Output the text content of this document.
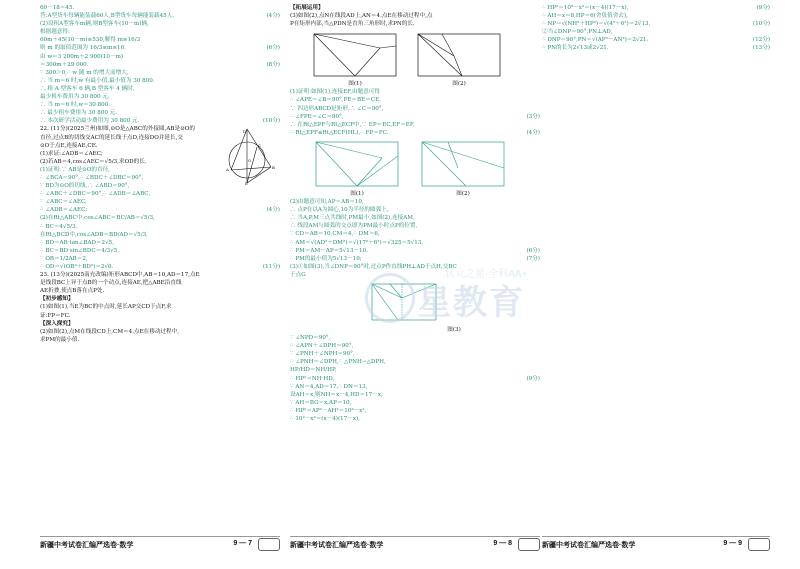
60－18＝45.
答:A型货车每辆能装载60人,B型货车每辆能装载45人.	(4分)
(2)设租A型客车m辆,则B型客车(10－m)辆,
根据题意得:
60m＋45(10－m)≥530,解得 m≥16/3
则 m 的取值范围为 16/3≤m≤10.	(6分)
由 w＝3 200m＋2 900(10－m)
＝300m＋29 000.	(8分)
∵ 300＞0,∴ w 随 m 的增大而增大,
∴ 当 m＝6 时,w 有最小值,最小值为 30 800.
∴ 租 A 型客车 6 辆,B 型客车 4 辆时,
最少租车费用为 30 800 元.
∴ 当 m＝6 时,w＝30 800.
∴ 最少租车费用为 30 800 元.
∴ 本次研学活动最少费用为 30 800 元.	(10分)
22. (11分)(2025兰州)如图,⊙O是△ABC的外接圆,AB是⊙O的
直径,过点B的切线交AC的延长线于点D,连接DO并延长,交
⊙O于点E,连接AE,CE.
(1)求证:∠ADB＝∠AEC;
(2)若AB＝4,cos∠AEC＝√5/3,求OD的长.
D
O
A	B
E
C
(1)证明:∵ AB是⊙O的直径,
∴ ∠BCA＝90°,∴ ∠BDC＋∠DBC＝90°,
∵ BD为⊙O的切线,∴ ∠ABD＝90°,
∴ ∠ABC＋∠DBC＝90°,∴ ∠ADB＝∠ABC,
∵ ∠ABC＝∠AEC,
∴ ∠ADB＝∠AEC;	(4分)
(2)在Rt△ABC中,cos∠ABC＝BC/AB＝√5/3,
∴ BC＝4√5/3,
在Rt△BCD中,cos∠ADB＝BD/AD＝√5/3,
∴ BD＝AB·tan∠BAD＝2√5,
∴ BC＝BD·sin∠BDC＝4/3√5,
∵ OB＝1/2AB＝2,
∴ OD＝√(OB²＋BD²)＝2√6.	(11分)
23. (13分)(2025南充改编)矩形ABCD中,AB＝10,AD＝17,点E
是线段BC上异于点B的一个动点,连接AE,把△ABE沿直线
AE折叠,使点B落在点P处.
【初步感知】
(1)如图(1),当E为BC的中点时,延长AP交CD于点F,求
证:FP＝FC.
【深入探究】
(2)如图(2),点M在线段CD上,CM＝4.点E在移动过程中,
求PM的最小值.
【拓展运用】
(3)如图(2),点N在线段AD上,AN＝4.点E在移动过程中,点
P在矩形内部,当△PDN是直角三角形时,求PN的长.
图(1)	图(2)
(1)证明:如图(1),连接EF,由题意可得
∴ ∠APE＝∠B＝90°,PE＝BE＝CE,
∵ 四边形ABCD是矩形,∴ ∠C＝90°,
∴ ∠FPE＝∠C＝90°,	(3分)
∴ 在Rt△EPF与Rt△ECF中,∵ EP＝EC,EF＝EF,
∴ Rt△EPF≌Rt△ECF(HL),∴ FP＝FC.	(4分)
图(1)	图(2)
(2)由题意可知,AP＝AB＝10,
∴ 点P在以A为圆心,10为半径的圆弧上,
∴ 当A,P,M三点共线时,PM最小,如图(2),连接AM,
∴ 线段AM与圆弧的交点即为PM最小时点P的位置,
∵ CD＝AB＝10,CM＝4,∴ DM＝6,
∴ AM＝√(AD²＋DM²)＝√(17²＋6²)＝√325＝5√13,
∴ PM＝AM－AP＝5√13－10.	(6分)
∴ PM的最小值为5√13－10;	(7分)
(3)①如图(3),当∠DNP＝90°时,过点P作直线PH⊥AD于点H,交BC
于点G
图(3)
∵ ∠NPD＝90°,
∴ ∠APN＋∠DPH＝90°,
∵ ∠PNH＋∠NPH＝90°,
∴ ∠PNH＝∠DPH,∴ △PNH∽△DPH,
HP/HD＝NH/HP,
∴ HP²＝NH·HD,	(9分)
∵ AN＝4,AD＝17,∴ DN＝13,
设AH＝x,则NH＝x－4,HD＝17－x,
∵ AH＝BG＝x,AP＝10,
∴ HP²＝AP²－AH²＝10²－x²,
∴ 10²－x²＝(x－4)(17－x),
∴ HP²＝10²－x²＝(x－4)(17－x),	(9分)
∴ AH＝x＝8,HP＝6(舍负值舍去),
∴ NP＝√(NH²＋HP²)＝√(4²＋6²)＝2√13,	(10分)
②当∠DNP＝90°,PN⊥AD,
∴ DNP＝90°,PN＝√(AP²－AN²)＝2√21.	(12分)
∴ PN的长为2√13或2√21.	(13分)
星教育
状元之星·全科AA+
新疆中考试卷汇编严选卷·数学	9 — 7	新疆中考试卷汇编严选卷·数学	9 — 8	新疆中考试卷汇编严选卷·数学	9 — 9
